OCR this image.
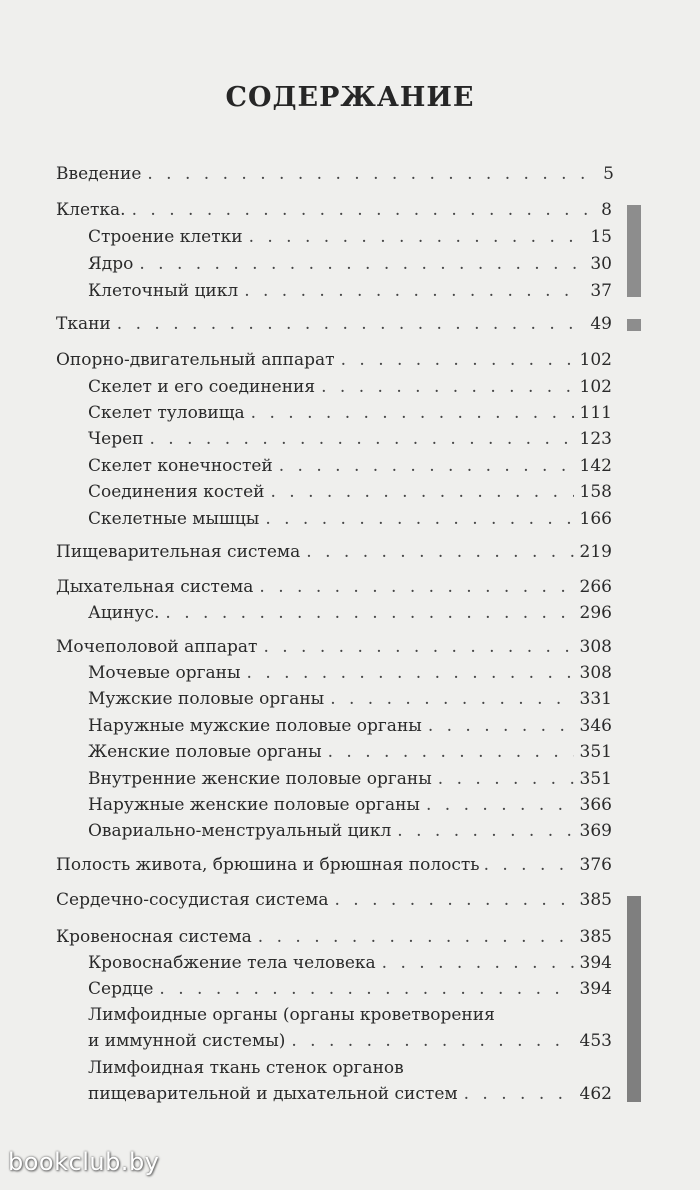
СОДЕРЖАНИЕ
Введение . . .	5
Клетка. . . .	8
Строение клетки . . .	15
Ядро . . .	30
Клеточный цикл . . .	37
Ткани . . .	49
Опорно-двигательный аппарат . . .	102
Скелет и его соединения . . .	102
Скелет туловища . . .	111
Череп . . .	123
Скелет конечностей . . .	142
Соединения костей . . .	158
Скелетные мышцы . . .	166
Пищеварительная система . . .	219
Дыхательная система . . .	266
Ацинус. . . .	296
Мочеполовой аппарат . . .	308
Мочевые органы . . .	308
Мужские половые органы . . .	331
Наружные мужские половые органы . . .	346
Женские половые органы . . .	351
Внутренние женские половые органы . . .	351
Наружные женские половые органы . . .	366
Овариально-менструальный цикл . . .	369
Полость живота, брюшина и брюшная полость . . .	376
Сердечно-сосудистая система . . .	385
Кровеносная система . . .	385
Кровоснабжение тела человека . . .	394
Сердце . . .	394
Лимфоидные органы (органы кроветворения
и иммунной системы) . . .	453
Лимфоидная ткань стенок органов
пищеварительной и дыхательной систем . . .	462
bookclub.by
